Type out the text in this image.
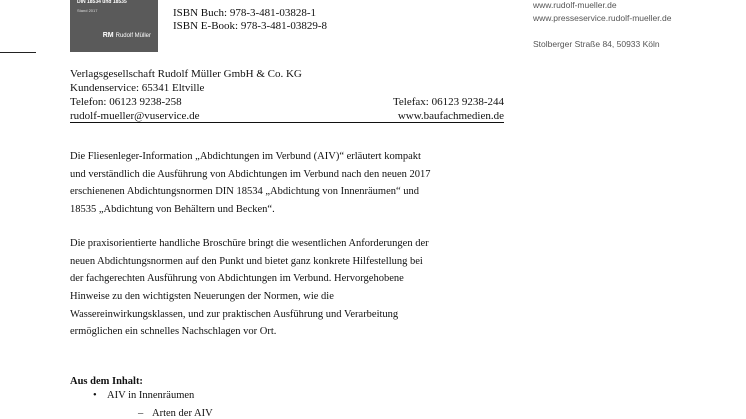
DIN 18534 und 18535
Stand 2017
RM Rudolf Müller
ISBN Buch: 978-3-481-03828-1
ISBN E-Book: 978-3-481-03829-8
www.rudolf-mueller.de
www.presseservice.rudolf-mueller.de
Stolberger Straße 84, 50933 Köln
Verlagsgesellschaft Rudolf Müller GmbH & Co. KG
Kundenservice: 65341 Eltville
Telefon: 06123 9238-258	Telefax: 06123 9238-244
rudolf-mueller@vuservice.de	www.baufachmedien.de
Die Fliesenleger-Information „Abdichtungen im Verbund (AIV)“ erläutert kompakt
und verständlich die Ausführung von Abdichtungen im Verbund nach den neuen 2017
erschienenen Abdichtungsnormen DIN 18534 „Abdichtung von Innenräumen“ und
18535 „Abdichtung von Behältern und Becken“.
Die praxisorientierte handliche Broschüre bringt die wesentlichen Anforderungen der
neuen Abdichtungsnormen auf den Punkt und bietet ganz konkrete Hilfestellung bei
der fachgerechten Ausführung von Abdichtungen im Verbund. Hervorgehobene
Hinweise zu den wichtigsten Neuerungen der Normen, wie die
Wassereinwirkungsklassen, und zur praktischen Ausführung und Verarbeitung
ermöglichen ein schnelles Nachschlagen vor Ort.
Aus dem Inhalt:
• AIV in Innenräumen
– Arten der AIV
